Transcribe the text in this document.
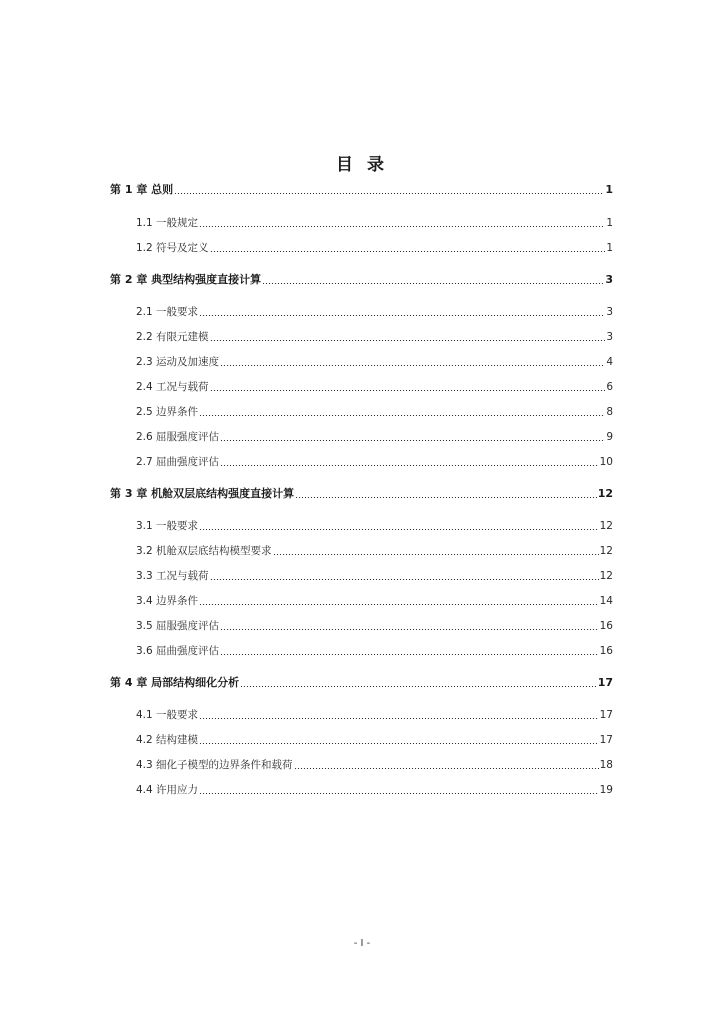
目 录
第 1 章 总则	1
1.1 一般规定	1
1.2 符号及定义	1
第 2 章 典型结构强度直接计算	3
2.1 一般要求	3
2.2 有限元建模	3
2.3 运动及加速度	4
2.4 工况与载荷	6
2.5 边界条件	8
2.6 屈服强度评估	9
2.7 屈曲强度评估	10
第 3 章 机舱双层底结构强度直接计算	12
3.1 一般要求	12
3.2 机舱双层底结构模型要求	12
3.3 工况与载荷	12
3.4 边界条件	14
3.5 屈服强度评估	16
3.6 屈曲强度评估	16
第 4 章 局部结构细化分析	17
4.1 一般要求	17
4.2 结构建模	17
4.3 细化子模型的边界条件和载荷	18
4.4 许用应力	19
- I -
